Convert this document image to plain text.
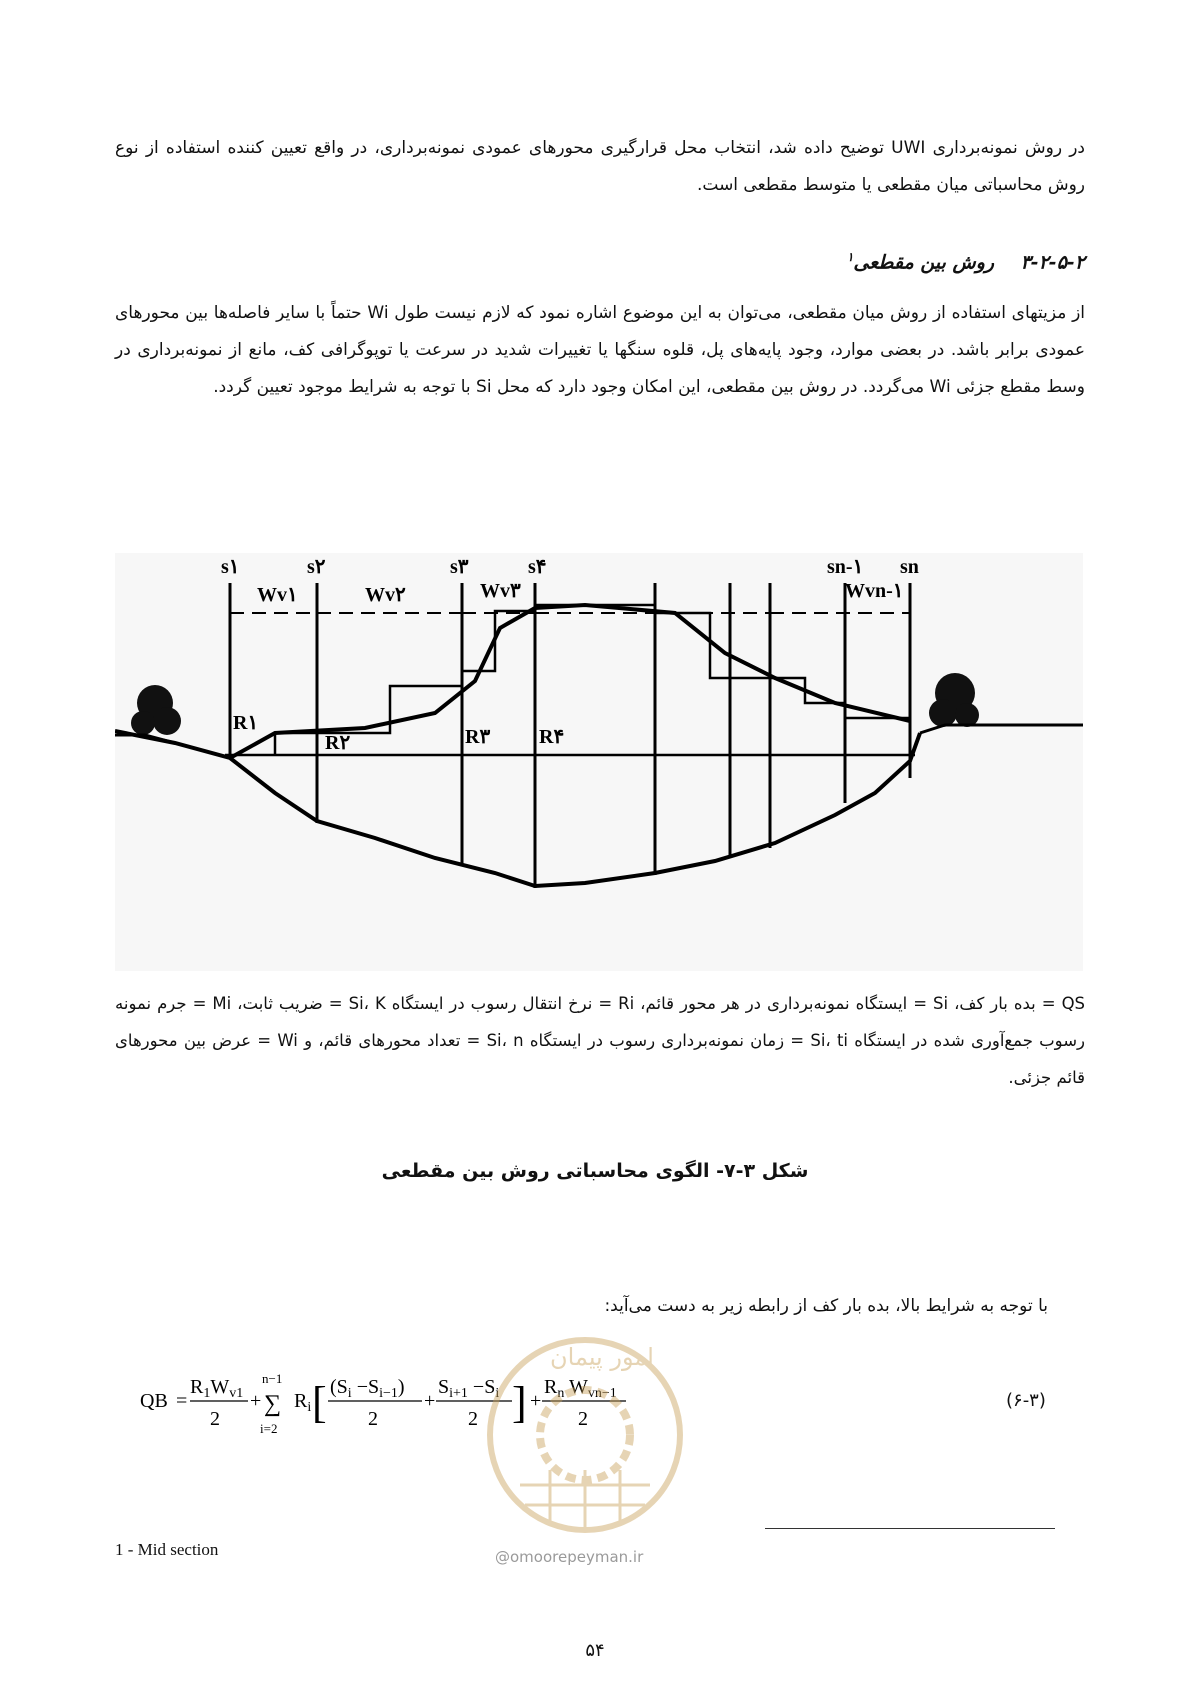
در روش نمونه‌برداری UWI توضیح داده شد، انتخاب محل قرارگیری محورهای عمودی نمونه‌برداری، در واقع تعیین کننده استفاده از نوع روش محاسباتی میان مقطعی یا متوسط مقطعی است.

۳-۲-۵-۲    روش بین مقطعی$^۱$

از مزیتهای استفاده از روش میان مقطعی، می‌توان به این موضوع اشاره نمود که لازم نیست طول Wi حتماً با سایر فاصله‌ها بین محورهای عمودی برابر باشد. در بعضی موارد، وجود پایه‌های پل، قلوه سنگها یا تغییرات شدید در سرعت یا توپوگرافی کف، مانع از نمونه‌برداری در وسط مقطع جزئی Wi می‌گردد. در روش بین مقطعی، این امکان وجود دارد که محل Si با توجه به شرایط موجود تعیین گردد.

s۱	s۲	s۳	s۴	sn-۱ sn
Wv۱	Wv۲	Wv۳	Wvn-۱
R۱
R۲	R۳ R۴

QS = بده بار کف، Si = ایستگاه نمونه‌برداری در هر محور قائم، Ri = نرخ انتقال رسوب در ایستگاه Si، K = ضریب ثابت، Mi = جرم نمونه رسوب جمع‌آوری شده در ایستگاه Si، ti = زمان نمونه‌برداری رسوب در ایستگاه Si، n = تعداد محورهای قائم، و Wi = عرض بین محورهای قائم جزئی.

شکل ۳-۷- الگوی محاسباتی روش بین مقطعی
با توجه به شرایط بالا، بده بار کف از رابطه زیر به دست می‌آید:
QB =
$R_1W_{v1}$
2
+
n−1
∑
i=2
$R_i$ [ $(S_i -S_{i-1})$
2
+
$S_{i+1} -S_i$
2 ] +
$R_n$ $W_{vn-1}$
2
(۶-۳)
امور پیمان
@omoorepeyman.ir
1 - Mid section
۵۴
